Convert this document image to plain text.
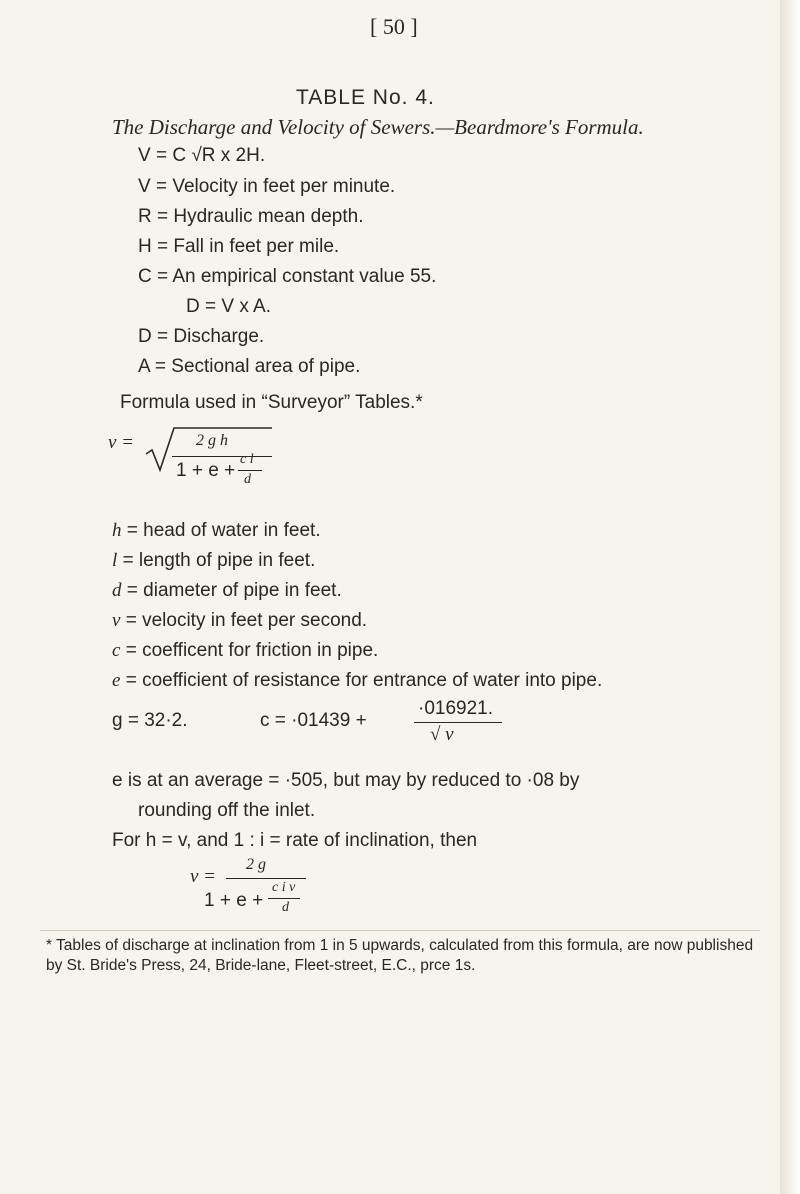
[ 50 ]
TABLE No. 4.
The Discharge and Velocity of Sewers.—Beardmore's Formula.
V = C √R x 2H.
V = Velocity in feet per minute.
R = Hydraulic mean depth.
H = Fall in feet per mile.
C = An empirical constant value 55.
D = V x A.
D = Discharge.
A = Sectional area of pipe.
Formula used in “Surveyor” Tables.*
v =	2 g h
1 + e +
c l
d
h = head of water in feet.
l = length of pipe in feet.
d = diameter of pipe in feet.
v = velocity in feet per second.
c = coefficent for friction in pipe.
e = coefficient of resistance for entrance of water into pipe.
g = 32·2.	c = ·01439 +
·016921.
√ v
e is at an average = ·505, but may by reduced to ·08 by
rounding off the inlet.
For h = v, and 1 : i = rate of inclination, then
v =
2 g
1 + e +
c i v
d
* Tables of discharge at inclination from 1 in 5 upwards, calculated from this formula, are now published by St. Bride's Press, 24, Bride-lane, Fleet-street, E.C., prce 1s.
